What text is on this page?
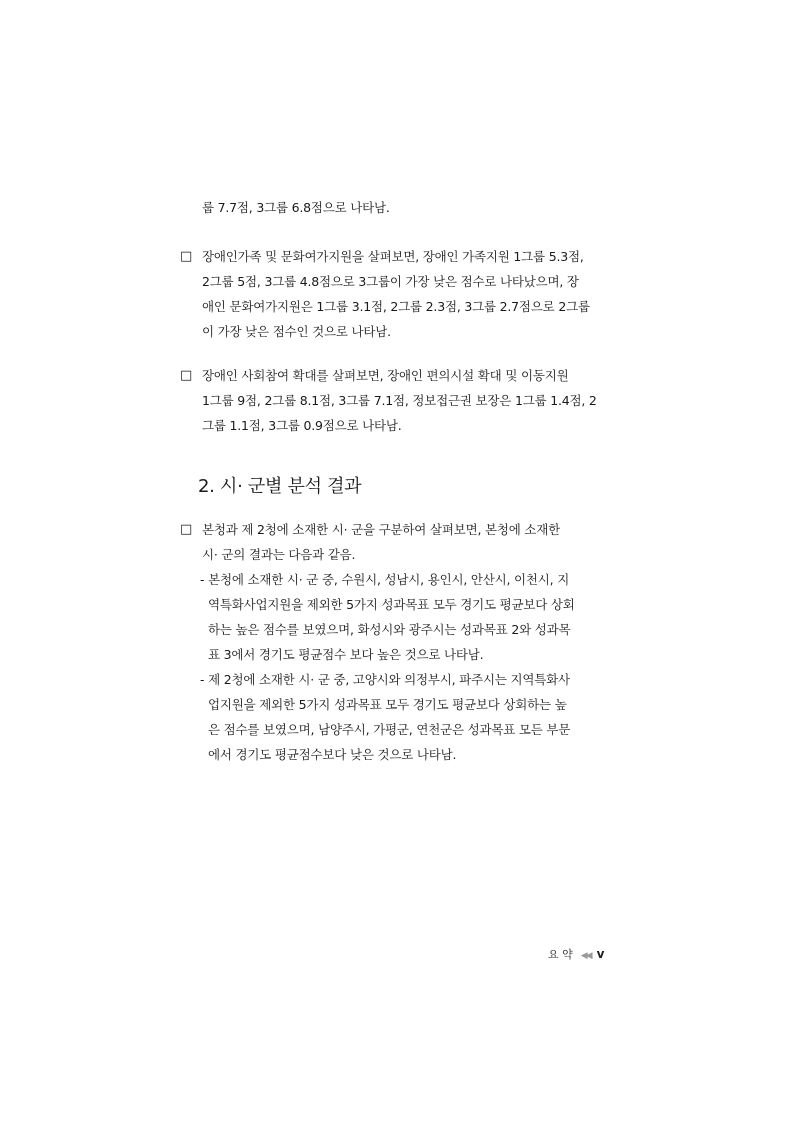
룹 7.7점, 3그룹 6.8점으로 나타남.
□ 장애인가족 및 문화여가지원을 살펴보면, 장애인 가족지원 1그룹 5.3점,
2그룹 5점, 3그룹 4.8점으로 3그룹이 가장 낮은 점수로 나타났으며, 장
애인 문화여가지원은 1그룹 3.1점, 2그룹 2.3점, 3그룹 2.7점으로 2그룹
이 가장 낮은 점수인 것으로 나타남.
□ 장애인 사회참여 확대를 살펴보면, 장애인 편의시설 확대 및 이동지원
1그룹 9점, 2그룹 8.1점, 3그룹 7.1점, 정보접근권 보장은 1그룹 1.4점, 2
그룹 1.1점, 3그룹 0.9점으로 나타남.
2. 시· 군별 분석 결과
□ 본청과 제 2청에 소재한 시· 군을 구분하여 살펴보면, 본청에 소재한
시· 군의 결과는 다음과 같음.
- 본청에 소재한 시· 군 중, 수원시, 성남시, 용인시, 안산시, 이천시, 지
역특화사업지원을 제외한 5가지 성과목표 모두 경기도 평균보다 상회
하는 높은 점수를 보였으며, 화성시와 광주시는 성과목표 2와 성과목
표 3에서 경기도 평균점수 보다 높은 것으로 나타남.
- 제 2청에 소재한 시· 군 중, 고양시와 의정부시, 파주시는 지역특화사
업지원을 제외한 5가지 성과목표 모두 경기도 평균보다 상회하는 높
은 점수를 보였으며, 남양주시, 가평군, 연천군은 성과목표 모든 부문
에서 경기도 평균점수보다 낮은 것으로 나타남.
요 약 ◀◀ v
